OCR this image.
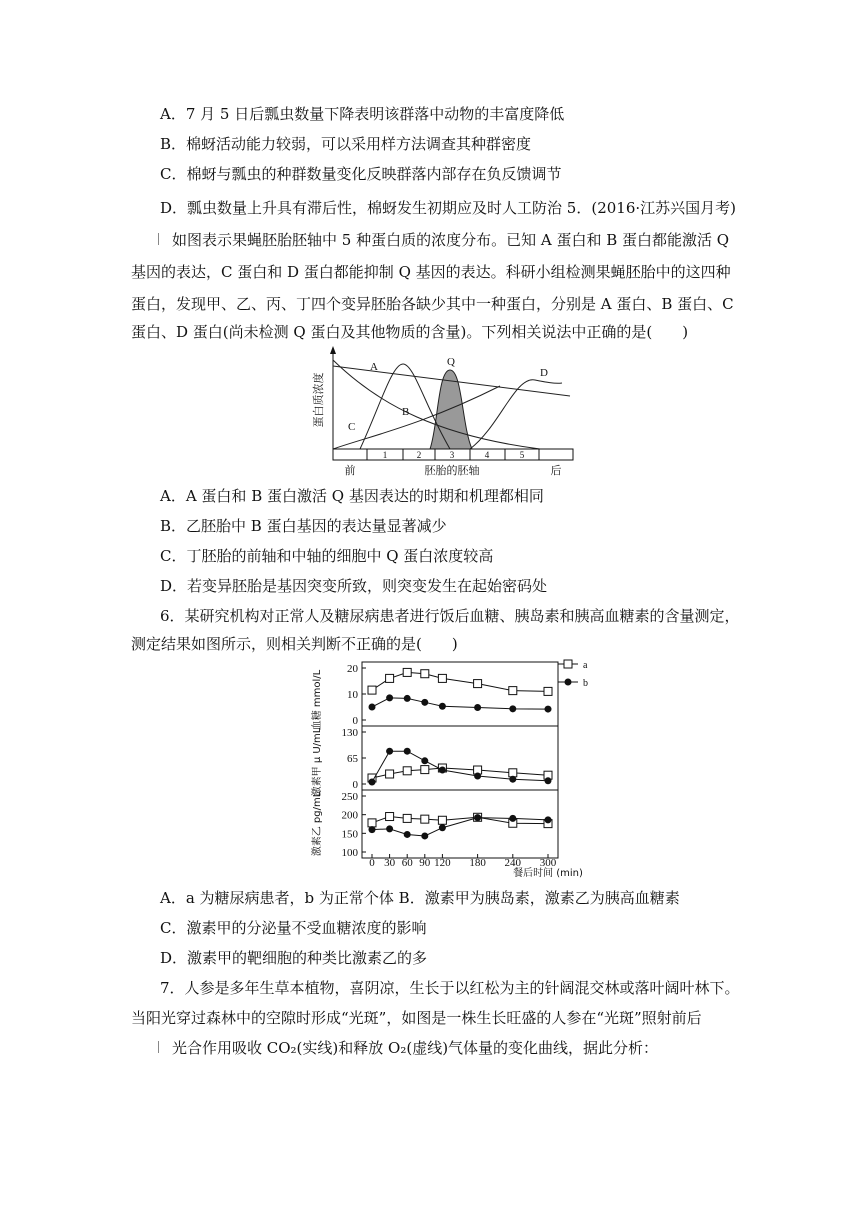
A．7 月 5 日后瓢虫数量下降表明该群落中动物的丰富度降低
B．棉蚜活动能力较弱，可以采用样方法调查其种群密度
C．棉蚜与瓢虫的种群数量变化反映群落内部存在负反馈调节
D．瓢虫数量上升具有滞后性，棉蚜发生初期应及时人工防治 5．(2016·江苏兴国月考)
如图表示果蝇胚胎胚轴中 5 种蛋白质的浓度分布。已知 A 蛋白和 B 蛋白都能激活 Q
基因的表达，C 蛋白和 D 蛋白都能抑制 Q 基因的表达。科研小组检测果蝇胚胎中的这四种
蛋白，发现甲、乙、丙、丁四个变异胚胎各缺少其中一种蛋白，分别是 A 蛋白、B 蛋白、C
蛋白、D 蛋白(尚未检测 Q 蛋白及其他物质的含量)。下列相关说法中正确的是(　　)
蛋白质浓度
A
B
C
D
Q
1	2	3	4	5
前	胚胎的胚轴	后
A．A 蛋白和 B 蛋白激活 Q 基因表达的时期和机理都相同
B．乙胚胎中 B 蛋白基因的表达量显著减少
C．丁胚胎的前轴和中轴的细胞中 Q 蛋白浓度较高
D．若变异胚胎是基因突变所致，则突变发生在起始密码处
6．某研究机构对正常人及糖尿病患者进行饭后血糖、胰岛素和胰高血糖素的含量测定，
测定结果如图所示，则相关判断不正确的是(　　)
血糖 mmol/L
激素甲 μ U/mL
激素乙 pg/mL
a
b
餐后时间 (min)
0
10
20
0
65
130
100
150
200
250
0 30 60 90 120 180 240 300
A．a 为糖尿病患者，b 为正常个体 B．激素甲为胰岛素，激素乙为胰高血糖素
C．激素甲的分泌量不受血糖浓度的影响
D．激素甲的靶细胞的种类比激素乙的多
7．人参是多年生草本植物，喜阴凉，生长于以红松为主的针阔混交林或落叶阔叶林下。
当阳光穿过森林中的空隙时形成“光斑”，如图是一株生长旺盛的人参在“光斑”照射前后
光合作用吸收 CO₂(实线)和释放 O₂(虚线)气体量的变化曲线，据此分析：
